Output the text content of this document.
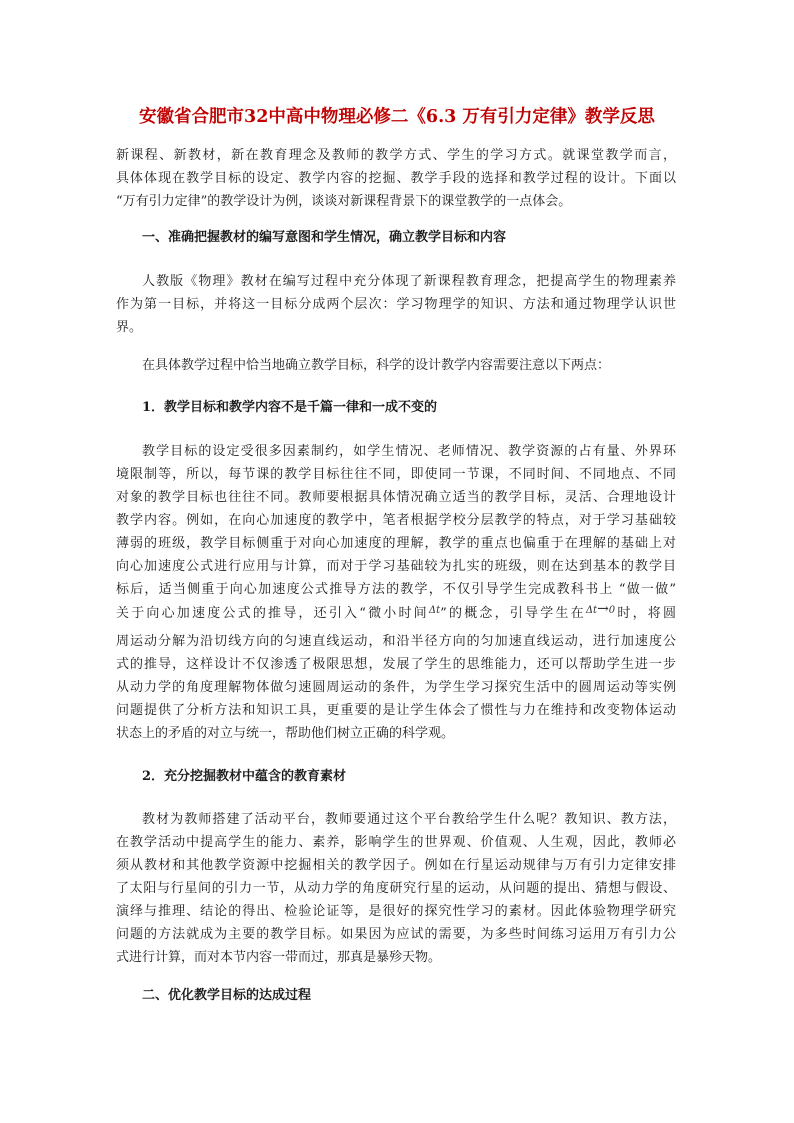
安徽省合肥市32中高中物理必修二《6.3 万有引力定律》教学反思
新课程、新教材，新在教育理念及教师的教学方式、学生的学习方式。就课堂教学而言，
具体体现在教学目标的设定、教学内容的挖掘、教学手段的选择和教学过程的设计。下面以
“万有引力定律”的教学设计为例，谈谈对新课程背景下的课堂教学的一点体会。
一、准确把握教材的编写意图和学生情况，确立教学目标和内容
人教版《物理》教材在编写过程中充分体现了新课程教育理念，把提高学生的物理素养
作为第一目标，并将这一目标分成两个层次：学习物理学的知识、方法和通过物理学认识世
界。
在具体教学过程中恰当地确立教学目标，科学的设计教学内容需要注意以下两点：
1．教学目标和教学内容不是千篇一律和一成不变的
教学目标的设定受很多因素制约，如学生情况、老师情况、教学资源的占有量、外界环
境限制等，所以，每节课的教学目标往往不同，即使同一节课，不同时间、不同地点、不同
对象的教学目标也往往不同。教师要根据具体情况确立适当的教学目标，灵活、合理地设计
教学内容。例如，在向心加速度的教学中，笔者根据学校分层教学的特点，对于学习基础较
薄弱的班级，教学目标侧重于对向心加速度的理解，教学的重点也偏重于在理解的基础上对
向心加速度公式进行应用与计算，而对于学习基础较为扎实的班级，则在达到基本的教学目
标后，适当侧重于向心加速度公式推导方法的教学，不仅引导学生完成教科书上 “做一做”
关于向心加速度公式的推导，还引入“微小时间$^{\Delta t}$”的概念，引导学生在$^{\Delta t}$→$^0$时，将圆
周运动分解为沿切线方向的匀速直线运动，和沿半径方向的匀加速直线运动，进行加速度公
式的推导，这样设计不仅渗透了极限思想，发展了学生的思维能力，还可以帮助学生进一步
从动力学的角度理解物体做匀速圆周运动的条件，为学生学习探究生活中的圆周运动等实例
问题提供了分析方法和知识工具，更重要的是让学生体会了惯性与力在维持和改变物体运动
状态上的矛盾的对立与统一，帮助他们树立正确的科学观。
2．充分挖掘教材中蕴含的教育素材
教材为教师搭建了活动平台，教师要通过这个平台教给学生什么呢？教知识、教方法，
在教学活动中提高学生的能力、素养，影响学生的世界观、价值观、人生观，因此，教师必
须从教材和其他教学资源中挖掘相关的教学因子。例如在行星运动规律与万有引力定律安排
了太阳与行星间的引力一节，从动力学的角度研究行星的运动，从问题的提出、猜想与假设、
演绎与推理、结论的得出、检验论证等，是很好的探究性学习的素材。因此体验物理学研究
问题的方法就成为主要的教学目标。如果因为应试的需要，为多些时间练习运用万有引力公
式进行计算，而对本节内容一带而过，那真是暴殄天物。
二、优化教学目标的达成过程
